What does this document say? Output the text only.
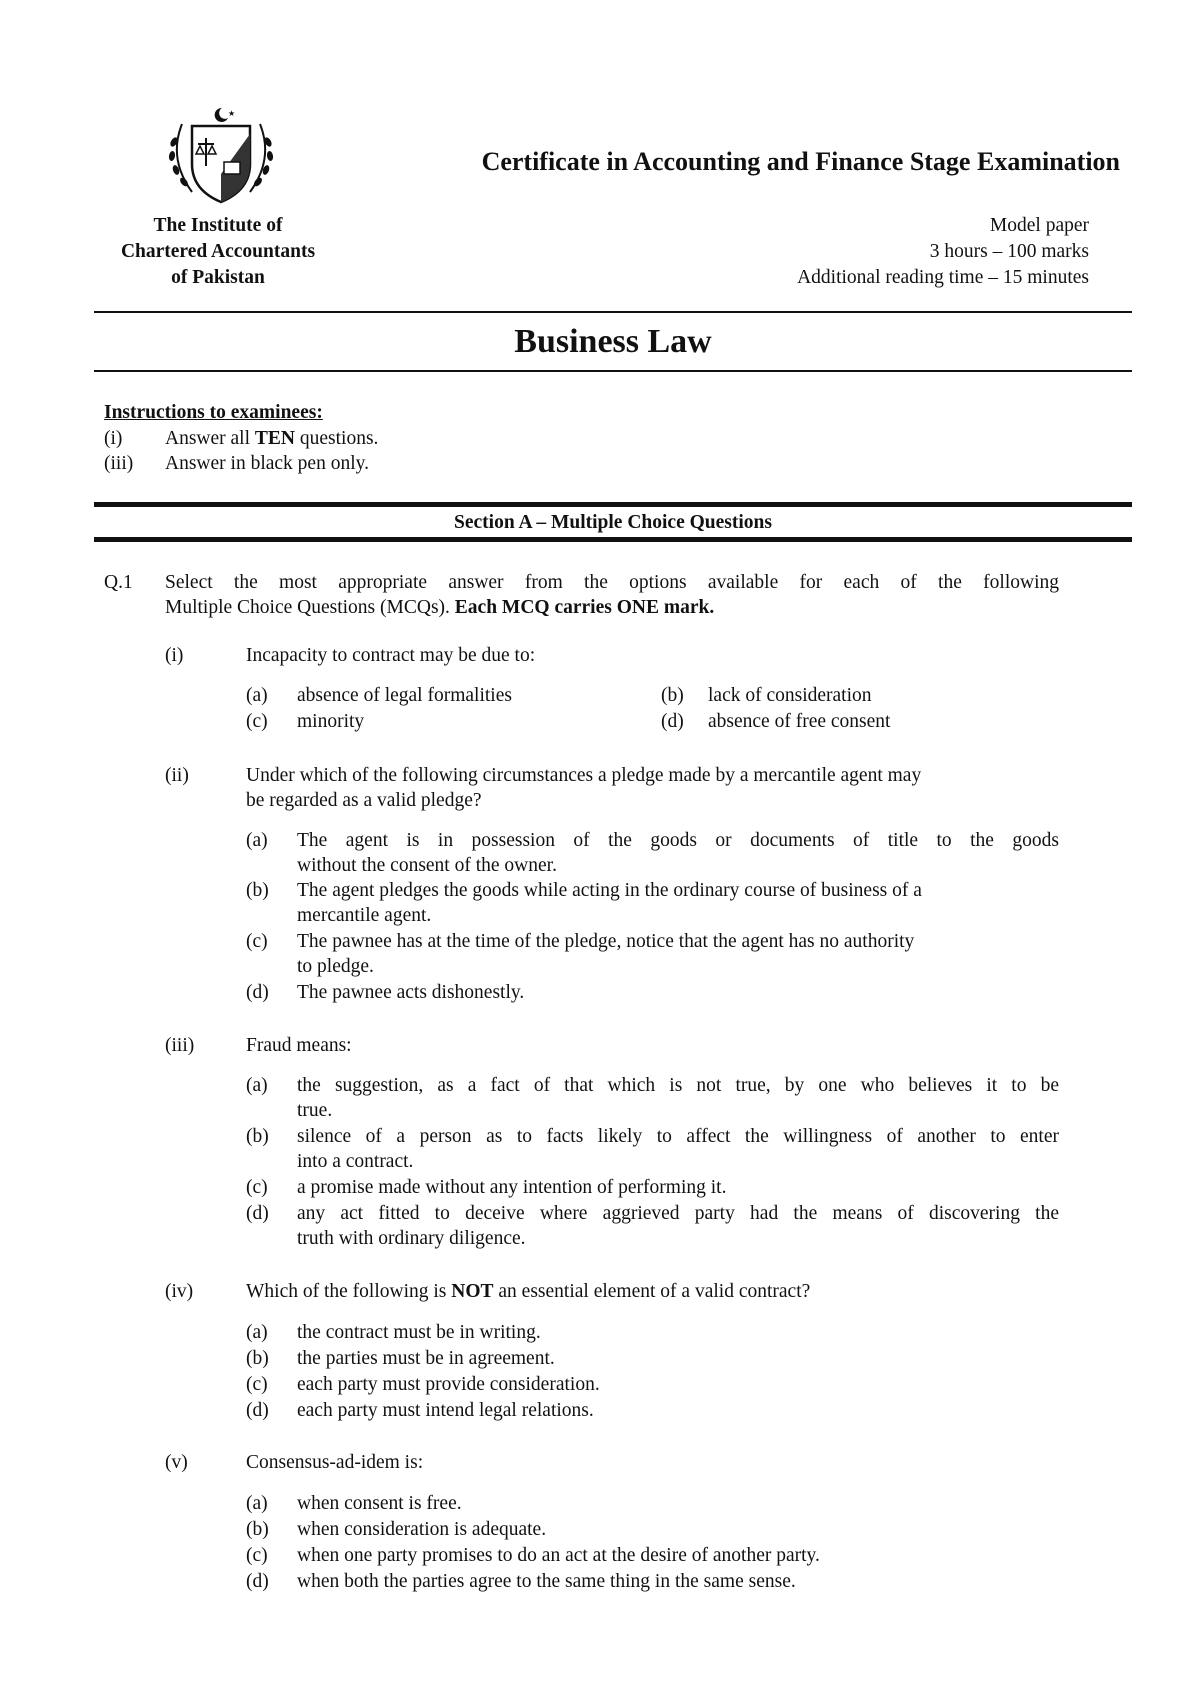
★
Certificate in Accounting and Finance Stage Examination
The Institute of
Chartered Accountants
of Pakistan
Model paper
3 hours – 100 marks
Additional reading time – 15 minutes
Business Law
Instructions to examinees:
(i) Answer all TEN questions.
(iii) Answer in black pen only.
Section A – Multiple Choice Questions
Q.1 Select the most appropriate answer from the options available for each of the following
Multiple Choice Questions (MCQs). Each MCQ carries ONE mark.
(i)	Incapacity to contract may be due to:
(a) absence of legal formalities	(b) lack of consideration
(c) minority	(d) absence of free consent
(ii)	Under which of the following circumstances a pledge made by a mercantile agent may
be regarded as a valid pledge?
(a) The agent is in possession of the goods or documents of title to the goods
without the consent of the owner.
(b) The agent pledges the goods while acting in the ordinary course of business of a
mercantile agent.
(c) The pawnee has at the time of the pledge, notice that the agent has no authority
to pledge.
(d) The pawnee acts dishonestly.
(iii)	Fraud means:
(a) the suggestion, as a fact of that which is not true, by one who believes it to be
true.
(b) silence of a person as to facts likely to affect the willingness of another to enter
into a contract.
(c) a promise made without any intention of performing it.
(d) any act fitted to deceive where aggrieved party had the means of discovering the
truth with ordinary diligence.
(iv)	Which of the following is NOT an essential element of a valid contract?
(a) the contract must be in writing.
(b) the parties must be in agreement.
(c) each party must provide consideration.
(d) each party must intend legal relations.
(v)	Consensus-ad-idem is:
(a) when consent is free.
(b) when consideration is adequate.
(c) when one party promises to do an act at the desire of another party.
(d) when both the parties agree to the same thing in the same sense.
